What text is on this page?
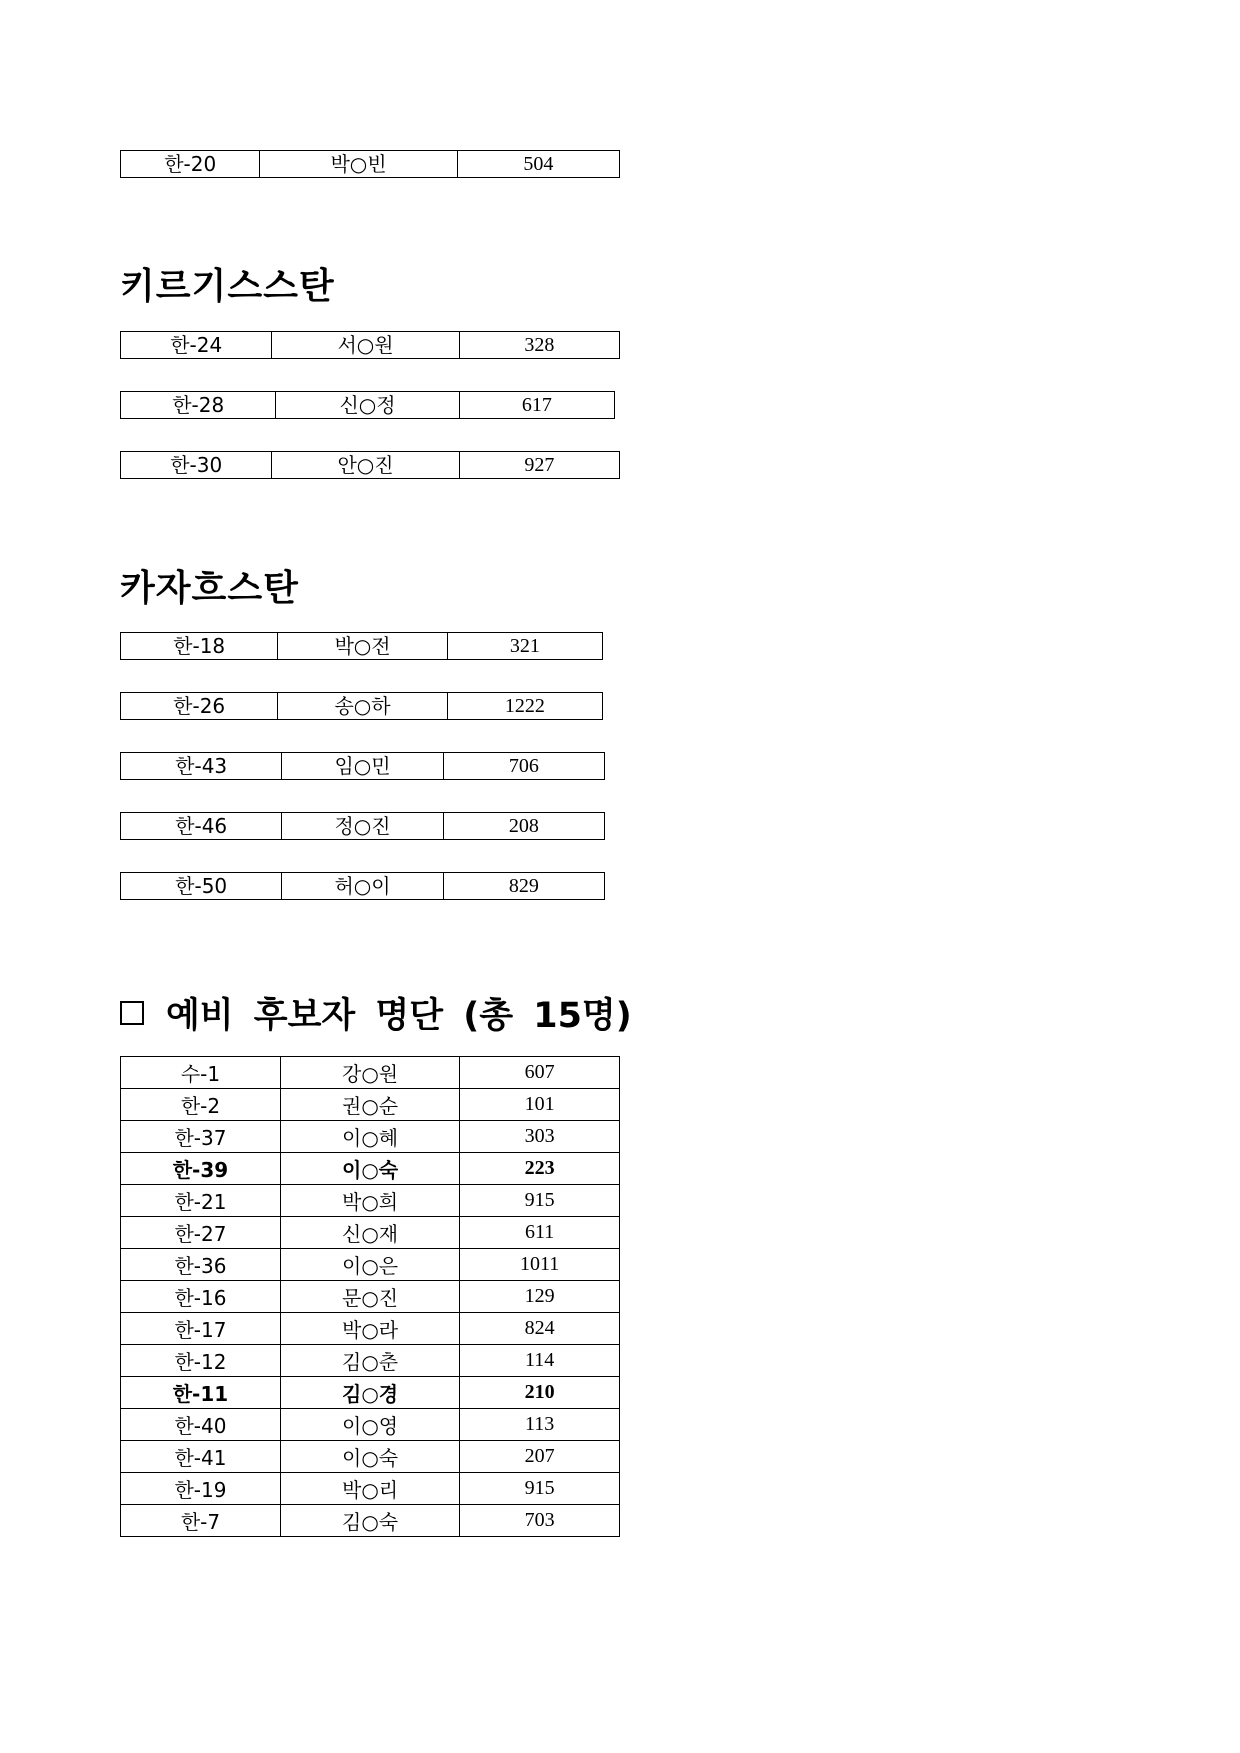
한-20	박○빈	504
키르기스스탄
한-24	서○원	328
한-28	신○정	617
한-30	안○진	927
카자흐스탄
한-18	박○전	321
한-26	송○하	1222
한-43	임○민	706
한-46	정○진	208
한-50	허○이	829
예비 후보자 명단 (총 15명)
수-1	강○원	607
한-2	권○순	101
한-37	이○혜	303
한-39	이○숙	223
한-21	박○희	915
한-27	신○재	611
한-36	이○은	1011
한-16	문○진	129
한-17	박○라	824
한-12	김○춘	114
한-11	김○경	210
한-40	이○영	113
한-41	이○숙	207
한-19	박○리	915
한-7	김○숙	703
